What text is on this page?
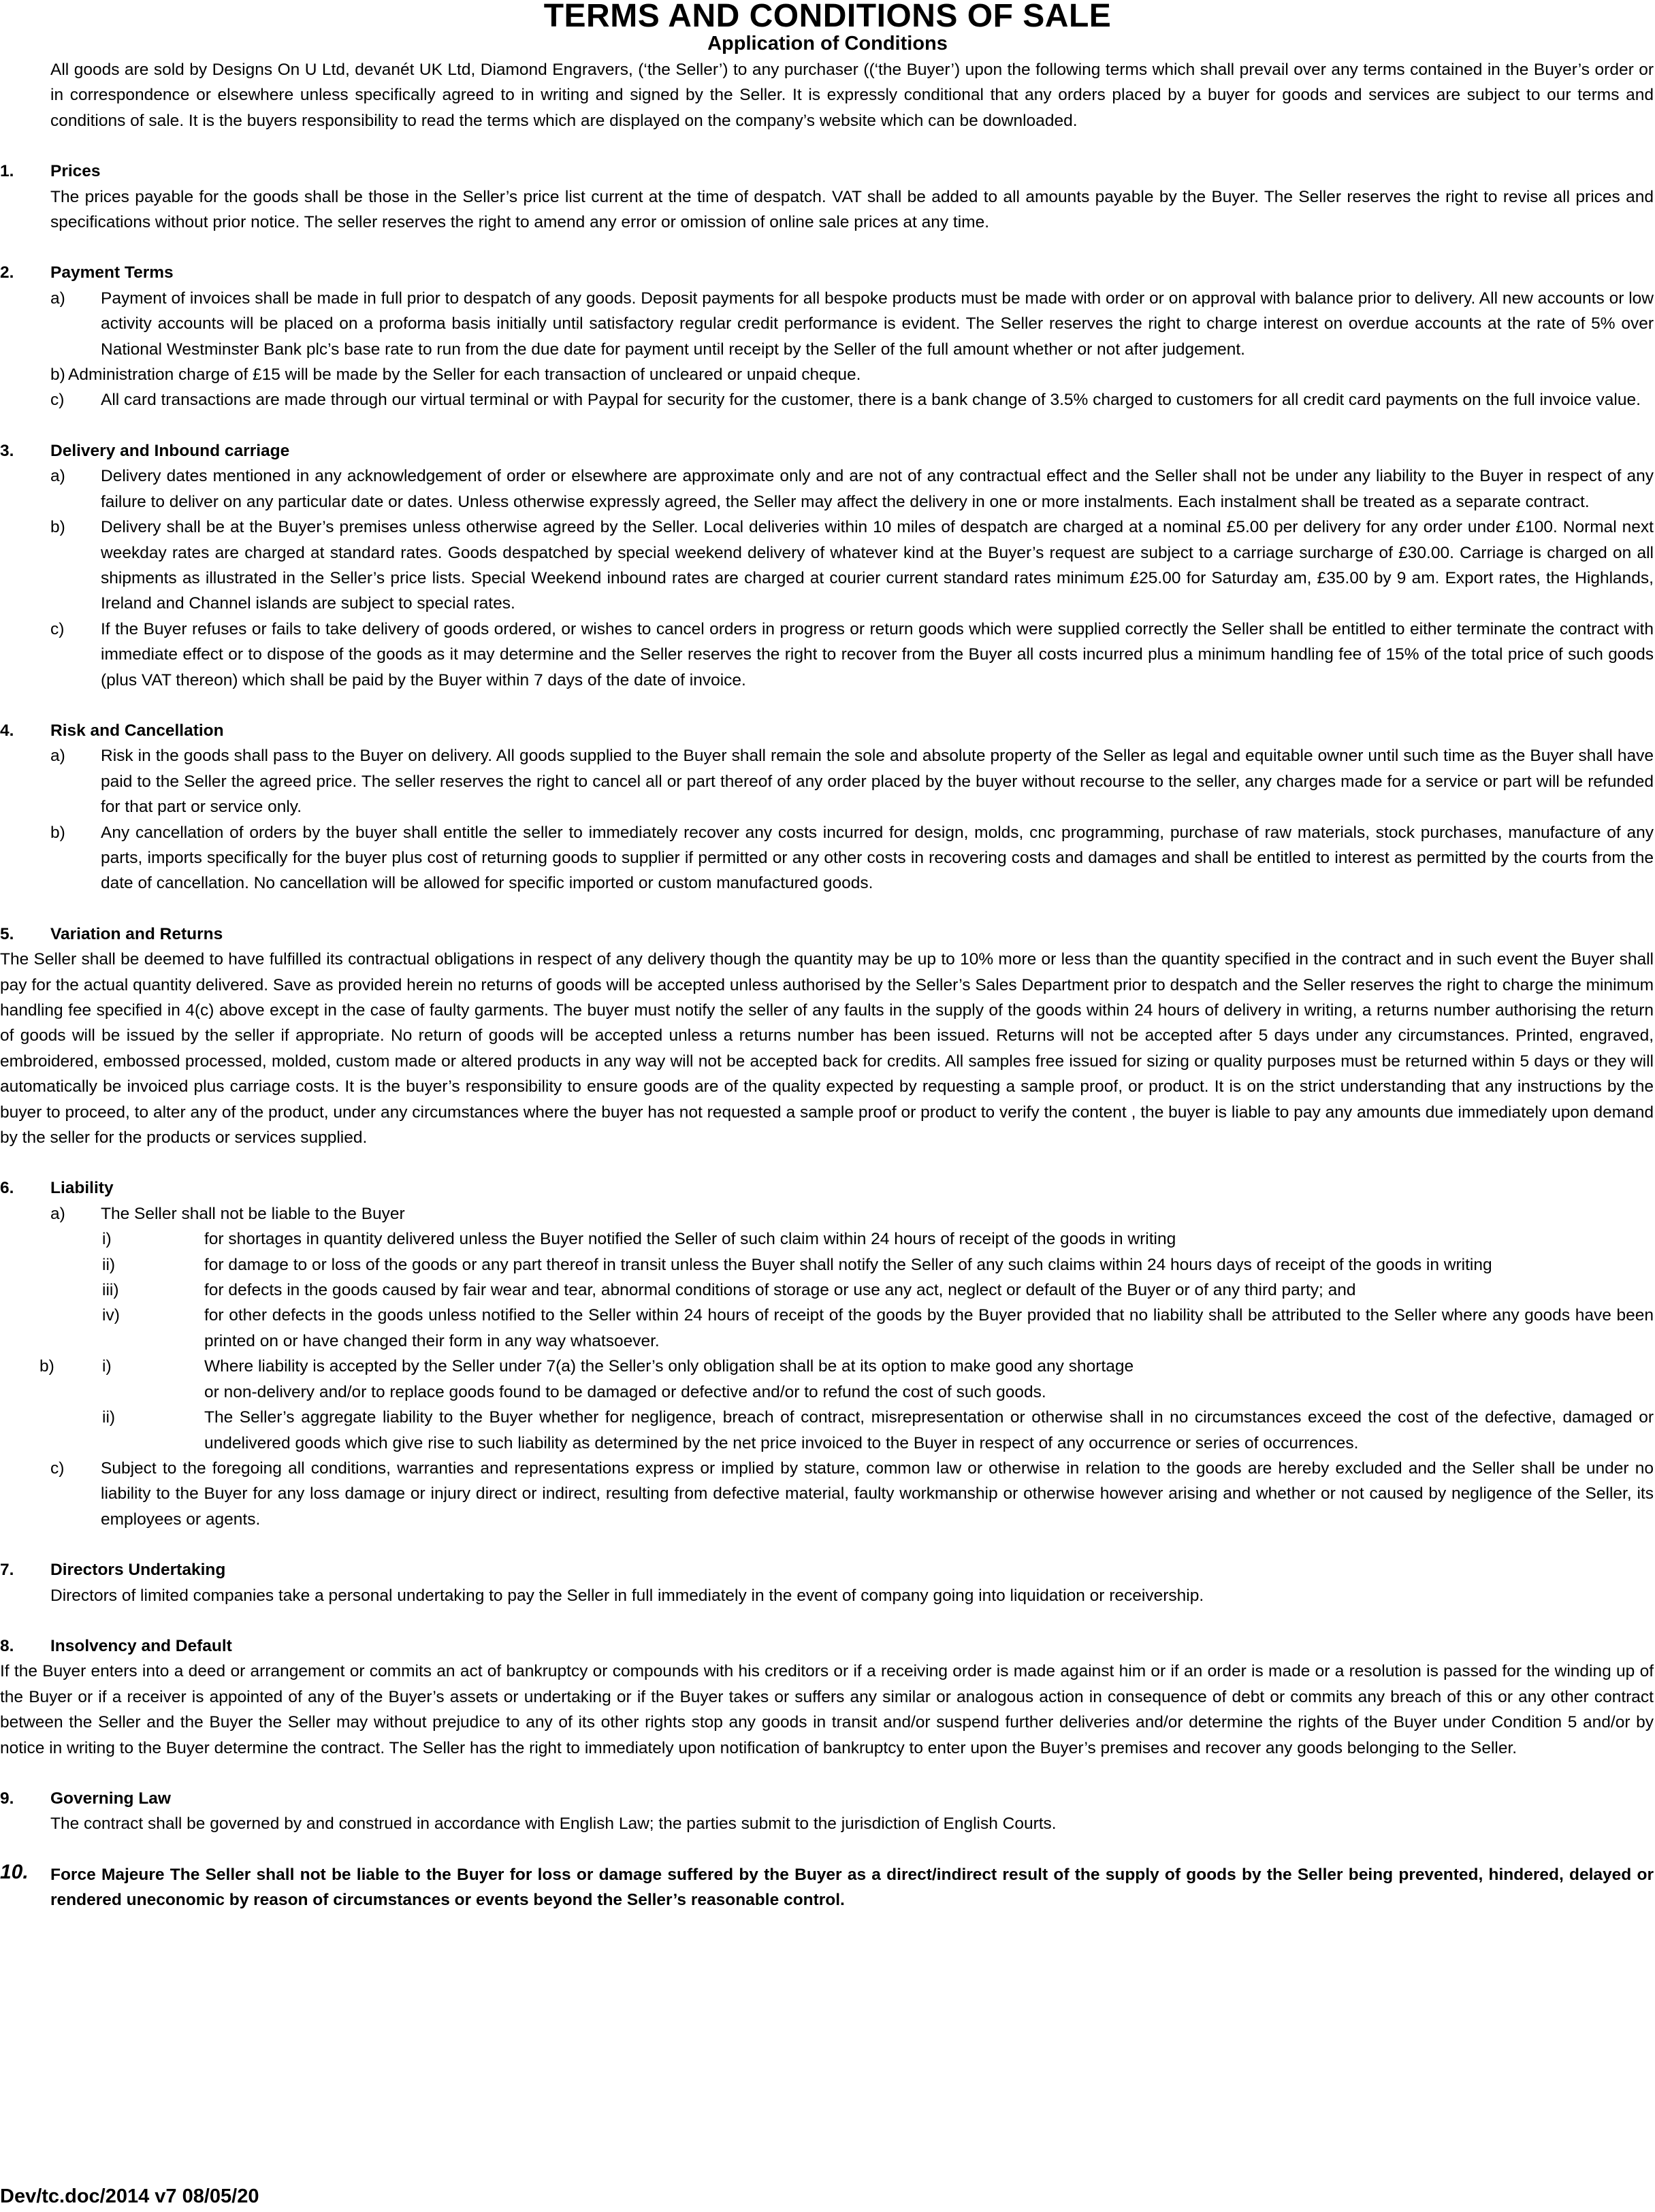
TERMS AND CONDITIONS OF SALE
Application of Conditions

All goods are sold by Designs On U Ltd, devanét UK Ltd, Diamond Engravers, (‘the Seller’) to any purchaser ((‘the Buyer’) upon the following terms which shall prevail over any terms contained in the Buyer’s order or in correspondence or elsewhere unless specifically agreed to in writing and signed by the Seller. It is expressly conditional that any orders placed by a buyer for goods and services are subject to our terms and conditions of sale. It is the buyers responsibility to read the terms which are displayed on the company’s website which can be downloaded.

1. Prices

The prices payable for the goods shall be those in the Seller’s price list current at the time of despatch. VAT shall be added to all amounts payable by the Buyer. The Seller reserves the right to revise all prices and specifications without prior notice. The seller reserves the right to amend any error or omission of online sale prices at any time.

2. Payment Terms
a) Payment of invoices shall be made in full prior to despatch of any goods. Deposit payments for all bespoke products must be made with order or on approval with balance prior to delivery. All new accounts or low activity accounts will be placed on a proforma basis initially until satisfactory regular credit performance is evident. The Seller reserves the right to charge interest on overdue accounts at the rate of 5% over National Westminster Bank plc’s base rate to run from the due date for payment until receipt by the Seller of the full amount whether or not after judgement.
b) Administration charge of £15 will be made by the Seller for each transaction of uncleared or unpaid cheque.
c) All card transactions are made through our virtual terminal or with Paypal for security for the customer, there is a bank change of 3.5% charged to customers for all credit card payments on the full invoice value.
3. Delivery and Inbound carriage
a) Delivery dates mentioned in any acknowledgement of order or elsewhere are approximate only and are not of any contractual effect and the Seller shall not be under any liability to the Buyer in respect of any failure to deliver on any particular date or dates. Unless otherwise expressly agreed, the Seller may affect the delivery in one or more instalments. Each instalment shall be treated as a separate contract.
b) Delivery shall be at the Buyer’s premises unless otherwise agreed by the Seller. Local deliveries within 10 miles of despatch are charged at a nominal £5.00 per delivery for any order under £100. Normal next weekday rates are charged at standard rates. Goods despatched by special weekend delivery of whatever kind at the Buyer’s request are subject to a carriage surcharge of £30.00. Carriage is charged on all shipments as illustrated in the Seller’s price lists. Special Weekend inbound rates are charged at courier current standard rates minimum £25.00 for Saturday am, £35.00 by 9 am. Export rates, the Highlands, Ireland and Channel islands are subject to special rates.
c) If the Buyer refuses or fails to take delivery of goods ordered, or wishes to cancel orders in progress or return goods which were supplied correctly the Seller shall be entitled to either terminate the contract with immediate effect or to dispose of the goods as it may determine and the Seller reserves the right to recover from the Buyer all costs incurred plus a minimum handling fee of 15% of the total price of such goods (plus VAT thereon) which shall be paid by the Buyer within 7 days of the date of invoice.
4. Risk and Cancellation
a) Risk in the goods shall pass to the Buyer on delivery. All goods supplied to the Buyer shall remain the sole and absolute property of the Seller as legal and equitable owner until such time as the Buyer shall have paid to the Seller the agreed price. The seller reserves the right to cancel all or part thereof of any order placed by the buyer without recourse to the seller, any charges made for a service or part will be refunded for that part or service only.
b) Any cancellation of orders by the buyer shall entitle the seller to immediately recover any costs incurred for design, molds, cnc programming, purchase of raw materials, stock purchases, manufacture of any parts, imports specifically for the buyer plus cost of returning goods to supplier if permitted or any other costs in recovering costs and damages and shall be entitled to interest as permitted by the courts from the date of cancellation. No cancellation will be allowed for specific imported or custom manufactured goods.
5. Variation and Returns

The Seller shall be deemed to have fulfilled its contractual obligations in respect of any delivery though the quantity may be up to 10% more or less than the quantity specified in the contract and in such event the Buyer shall pay for the actual quantity delivered. Save as provided herein no returns of goods will be accepted unless authorised by the Seller’s Sales Department prior to despatch and the Seller reserves the right to charge the minimum handling fee specified in 4(c) above except in the case of faulty garments. The buyer must notify the seller of any faults in the supply of the goods within 24 hours of delivery in writing, a returns number authorising the return of goods will be issued by the seller if appropriate. No return of goods will be accepted unless a returns number has been issued. Returns will not be accepted after 5 days under any circumstances. Printed, engraved, embroidered, embossed processed, molded, custom made or altered products in any way will not be accepted back for credits. All samples free issued for sizing or quality purposes must be returned within 5 days or they will automatically be invoiced plus carriage costs. It is the buyer’s responsibility to ensure goods are of the quality expected by requesting a sample proof, or product. It is on the strict understanding that any instructions by the buyer to proceed, to alter any of the product, under any circumstances where the buyer has not requested a sample proof or product to verify the content , the buyer is liable to pay any amounts due immediately upon demand by the seller for the products or services supplied.

6. Liability
a) The Seller shall not be liable to the Buyer
i)	for shortages in quantity delivered unless the Buyer notified the Seller of such claim within 24 hours of receipt of the goods in writing
ii)	for damage to or loss of the goods or any part thereof in transit unless the Buyer shall notify the Seller of any such claims within 24 hours days of receipt of the goods in writing
iii)	for defects in the goods caused by fair wear and tear, abnormal conditions of storage or use any act, neglect or default of the Buyer or of any third party; and
iv)	for other defects in the goods unless notified to the Seller within 24 hours of receipt of the goods by the Buyer provided that no liability shall be attributed to the Seller where any goods have been printed on or have changed their form in any way whatsoever.
b)	i)	Where liability is accepted by the Seller under 7(a) the Seller’s only obligation shall be at its option to make good any shortage
or non-delivery and/or to replace goods found to be damaged or defective and/or to refund the cost of such goods.
ii)	The Seller’s aggregate liability to the Buyer whether for negligence, breach of contract, misrepresentation or otherwise shall in no circumstances exceed the cost of the defective, damaged or undelivered goods which give rise to such liability as determined by the net price invoiced to the Buyer in respect of any occurrence or series of occurrences.
c) Subject to the foregoing all conditions, warranties and representations express or implied by stature, common law or otherwise in relation to the goods are hereby excluded and the Seller shall be under no liability to the Buyer for any loss damage or injury direct or indirect, resulting from defective material, faulty workmanship or otherwise however arising and whether or not caused by negligence of the Seller, its employees or agents.
7. Directors Undertaking

Directors of limited companies take a personal undertaking to pay the Seller in full immediately in the event of company going into liquidation or receivership.

8. Insolvency and Default

If the Buyer enters into a deed or arrangement or commits an act of bankruptcy or compounds with his creditors or if a receiving order is made against him or if an order is made or a resolution is passed for the winding up of the Buyer or if a receiver is appointed of any of the Buyer’s assets or undertaking or if the Buyer takes or suffers any similar or analogous action in consequence of debt or commits any breach of this or any other contract between the Seller and the Buyer the Seller may without prejudice to any of its other rights stop any goods in transit and/or suspend further deliveries and/or determine the rights of the Buyer under Condition 5 and/or by notice in writing to the Buyer determine the contract. The Seller has the right to immediately upon notification of bankruptcy to enter upon the Buyer’s premises and recover any goods belonging to the Seller.

9. Governing Law

The contract shall be governed by and construed in accordance with English Law; the parties submit to the jurisdiction of English Courts.

10. Force Majeure The Seller shall not be liable to the Buyer for loss or damage suffered by the Buyer as a direct/indirect result of the supply of goods by the Seller being prevented, hindered, delayed or rendered uneconomic by reason of circumstances or events beyond the Seller’s reasonable control.
Dev/tc.doc/2014 v7 08/05/20
